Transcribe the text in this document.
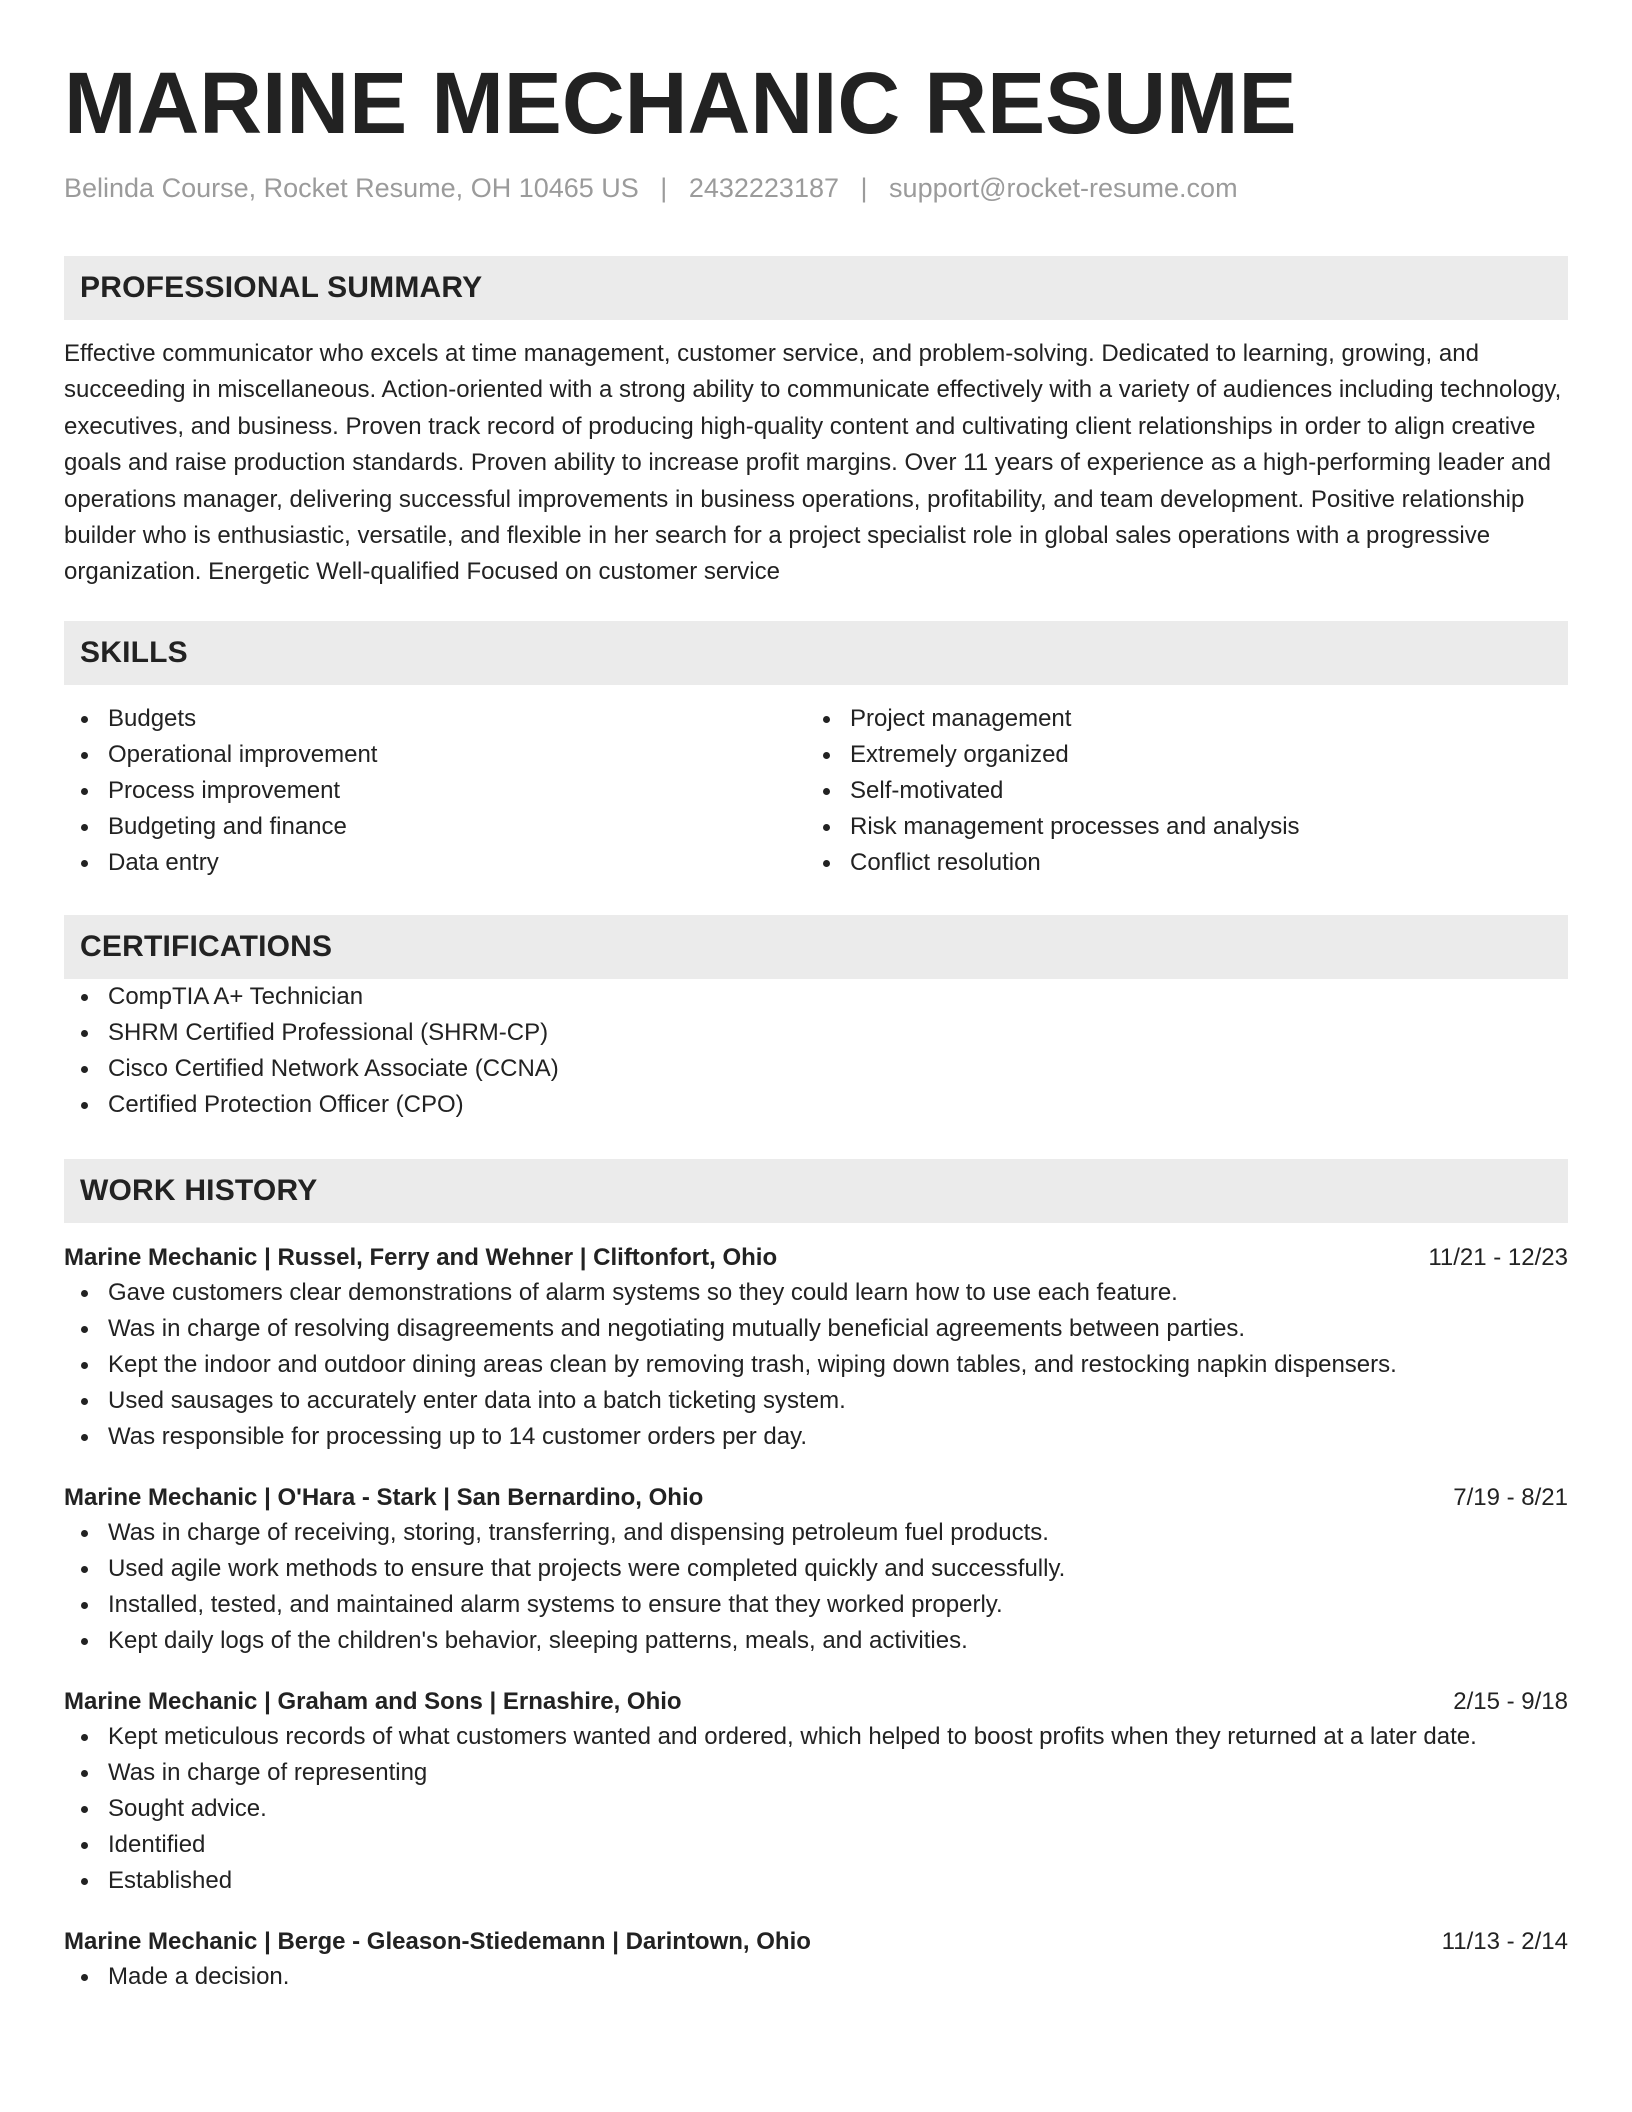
MARINE MECHANIC RESUME
Belinda Course, Rocket Resume, OH 10465 US | 2432223187 | support@rocket-resume.com
PROFESSIONAL SUMMARY

Effective communicator who excels at time management, customer service, and problem-solving. Dedicated to learning, growing, and succeeding in miscellaneous. Action-oriented with a strong ability to communicate effectively with a variety of audiences including technology, executives, and business. Proven track record of producing high-quality content and cultivating client relationships in order to align creative goals and raise production standards. Proven ability to increase profit margins. Over 11 years of experience as a high-performing leader and operations manager, delivering successful improvements in business operations, profitability, and team development. Positive relationship builder who is enthusiastic, versatile, and flexible in her search for a project specialist role in global sales operations with a progressive organization. Energetic Well-qualified Focused on customer service

SKILLS
Budgets
Operational improvement
Process improvement
Budgeting and finance
Data entry
Project management
Extremely organized
Self-motivated
Risk management processes and analysis
Conflict resolution
CERTIFICATIONS
CompTIA A+ Technician
SHRM Certified Professional (SHRM-CP)
Cisco Certified Network Associate (CCNA)
Certified Protection Officer (CPO)
WORK HISTORY
Marine Mechanic | Russel, Ferry and Wehner | Cliftonfort, Ohio	11/21 - 12/23
Gave customers clear demonstrations of alarm systems so they could learn how to use each feature.
Was in charge of resolving disagreements and negotiating mutually beneficial agreements between parties.
Kept the indoor and outdoor dining areas clean by removing trash, wiping down tables, and restocking napkin dispensers.
Used sausages to accurately enter data into a batch ticketing system.
Was responsible for processing up to 14 customer orders per day.
Marine Mechanic | O'Hara - Stark | San Bernardino, Ohio	7/19 - 8/21
Was in charge of receiving, storing, transferring, and dispensing petroleum fuel products.
Used agile work methods to ensure that projects were completed quickly and successfully.
Installed, tested, and maintained alarm systems to ensure that they worked properly.
Kept daily logs of the children's behavior, sleeping patterns, meals, and activities.
Marine Mechanic | Graham and Sons | Ernashire, Ohio	2/15 - 9/18
Kept meticulous records of what customers wanted and ordered, which helped to boost profits when they returned at a later date.
Was in charge of representing
Sought advice.
Identified
Established
Marine Mechanic | Berge - Gleason-Stiedemann | Darintown, Ohio	11/13 - 2/14
Made a decision.
